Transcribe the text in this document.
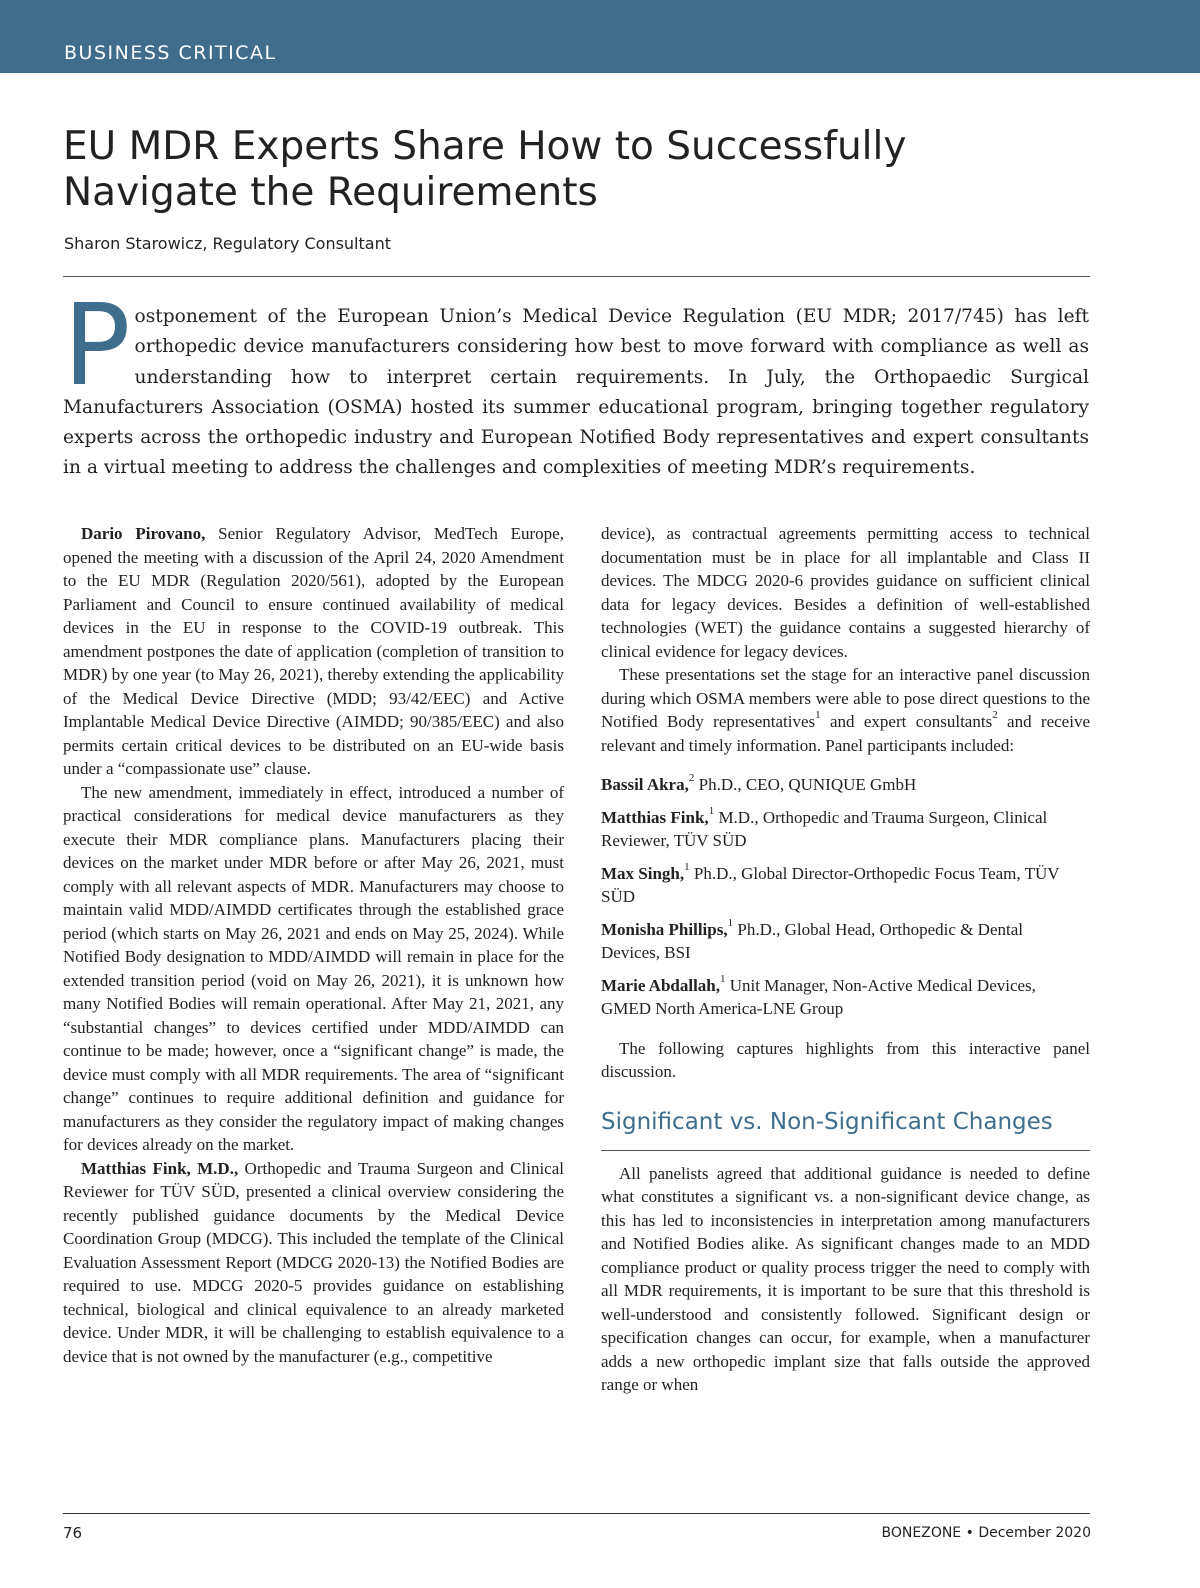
BUSINESS CRITICAL
EU MDR Experts Share How to Successfully Navigate the Requirements
Sharon Starowicz, Regulatory Consultant

Postponement of the European Union’s Medical Device Regulation (EU MDR; 2017/745) has left orthopedic device manufacturers considering how best to move forward with compliance as well as understanding how to interpret certain requirements. In July, the Orthopaedic Surgical Manufacturers Association (OSMA) hosted its summer educational program, bringing together regulatory experts across the orthopedic industry and European Notified Body representatives and expert consultants in a virtual meeting to address the challenges and complexities of meeting MDR’s requirements.

Dario Pirovano, Senior Regulatory Advisor, MedTech Europe, opened the meeting with a discussion of the April 24, 2020 Amendment to the EU MDR (Regulation 2020/561), adopted by the European Parliament and Council to ensure continued availability of medical devices in the EU in response to the COVID-19 outbreak. This amendment postpones the date of application (completion of transition to MDR) by one year (to May 26, 2021), thereby extending the applicability of the Medical Device Directive (MDD; 93/42/EEC) and Active Implantable Medical Device Directive (AIMDD; 90/385/EEC) and also permits certain critical devices to be distributed on an EU-wide basis under a “compassionate use” clause.

The new amendment, immediately in effect, introduced a number of practical considerations for medical device manufacturers as they execute their MDR compliance plans. Manufacturers placing their devices on the market under MDR before or after May 26, 2021, must comply with all relevant aspects of MDR. Manufacturers may choose to maintain valid MDD/AIMDD certificates through the established grace period (which starts on May 26, 2021 and ends on May 25, 2024). While Notified Body designation to MDD/AIMDD will remain in place for the extended transition period (void on May 26, 2021), it is unknown how many Notified Bodies will remain operational. After May 21, 2021, any “substantial changes” to devices certified under MDD/AIMDD can continue to be made; however, once a “significant change” is made, the device must comply with all MDR requirements. The area of “significant change” continues to require additional definition and guidance for manufacturers as they consider the regulatory impact of making changes for devices already on the market.

Matthias Fink, M.D., Orthopedic and Trauma Surgeon and Clinical Reviewer for TÜV SÜD, presented a clinical overview considering the recently published guidance documents by the Medical Device Coordination Group (MDCG). This included the template of the Clinical Evaluation Assessment Report (MDCG 2020-13) the Notified Bodies are required to use. MDCG 2020-5 provides guidance on establishing technical, biological and clinical equivalence to an already marketed device. Under MDR, it will be challenging to establish equivalence to a device that is not owned by the manufacturer (e.g., competitive

device), as contractual agreements permitting access to technical documentation must be in place for all implantable and Class II devices. The MDCG 2020-6 provides guidance on sufficient clinical data for legacy devices. Besides a definition of well-established technologies (WET) the guidance contains a suggested hierarchy of clinical evidence for legacy devices.

These presentations set the stage for an interactive panel discussion during which OSMA members were able to pose direct questions to the Notified Body representatives$^1$ and expert consultants$^2$ and receive relevant and timely information. Panel participants included:

Bassil Akra,$^2$ Ph.D., CEO, QUNIQUE GmbH

Matthias Fink,$^1$ M.D., Orthopedic and Trauma Surgeon, Clinical Reviewer, TÜV SÜD

Max Singh,$^1$ Ph.D., Global Director-Orthopedic Focus Team, TÜV SÜD

Monisha Phillips,$^1$ Ph.D., Global Head, Orthopedic & Dental Devices, BSI

Marie Abdallah,$^1$ Unit Manager, Non-Active Medical Devices, GMED North America-LNE Group

The following captures highlights from this interactive panel discussion.

Significant vs. Non-Significant Changes

All panelists agreed that additional guidance is needed to define what constitutes a significant vs. a non-significant device change, as this has led to inconsistencies in interpretation among manufacturers and Notified Bodies alike. As significant changes made to an MDD compliance product or quality process trigger the need to comply with all MDR requirements, it is important to be sure that this threshold is well-understood and consistently followed. Significant design or specification changes can occur, for example, when a manufacturer adds a new orthopedic implant size that falls outside the approved range or when

76	BONEZONE • December 2020
